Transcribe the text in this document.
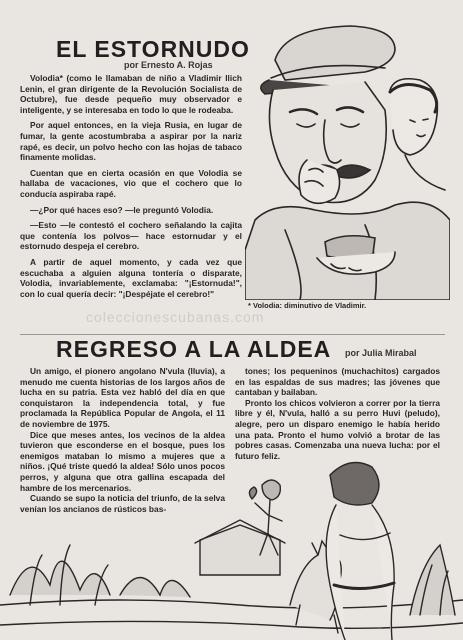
EL ESTORNUDO
por Ernesto A. Rojas

Volodia* (como le llamaban de niño a Vladimir Ilich Lenin, el gran dirigente de la Revolución Socialista de Octubre), fue desde pequeño muy observador e inteligente, y se interesaba en todo lo que le rodeaba.

Por aquel entonces, en la vieja Rusia, en lugar de fumar, la gente acostumbraba a aspirar por la nariz rapé, es decir, un polvo hecho con las hojas de tabaco finamente molidas.

Cuentan que en cierta ocasión en que Volodia se hallaba de vacaciones, vio que el cochero que lo conducía aspiraba rapé.

—¿Por qué haces eso? —le preguntó Volodia.

—Esto —le contestó el cochero señalando la cajita que contenía los polvos— hace estornudar y el estornudo despeja el cerebro.

A partir de aquel momento, y cada vez que escuchaba a alguien alguna tontería o disparate, Volodia, invariablemente, exclamaba: "¡Estornuda!", con lo cual quería decir: "¡Despéjate el cerebro!"

* Volodia: diminutivo de Vladimir.
coleccionescubanas.com
REGRESO A LA ALDEA por Julia Mirabal

Un amigo, el pionero angolano N'vula (lluvia), a menudo me cuenta historias de los largos años de lucha en su patria. Esta vez habló del día en que conquistaron la independencia total, y fue proclamada la República Popular de Angola, el 11 de noviembre de 1975.

Dice que meses antes, los vecinos de la aldea tuvieron que esconderse en el bosque, pues los enemigos mataban lo mismo a mujeres que a niños. ¡Qué triste quedó la aldea! Sólo unos pocos perros, y alguna que otra gallina escapada del hambre de los mercenarios.

Cuando se supo la noticia del triunfo, de la selva venían los ancianos de rústicos bas-

tones; los pequeninos (muchachitos) cargados en las espaldas de sus madres; las jóvenes que cantaban y bailaban.

Pronto los chicos volvieron a correr por la tierra libre y él, N'vula, halló a su perro Huvi (peludo), alegre, pero un disparo enemigo le había herido una pata. Pronto el humo volvió a brotar de las pobres casas. Comenzaba una nueva lucha: por el futuro feliz.
